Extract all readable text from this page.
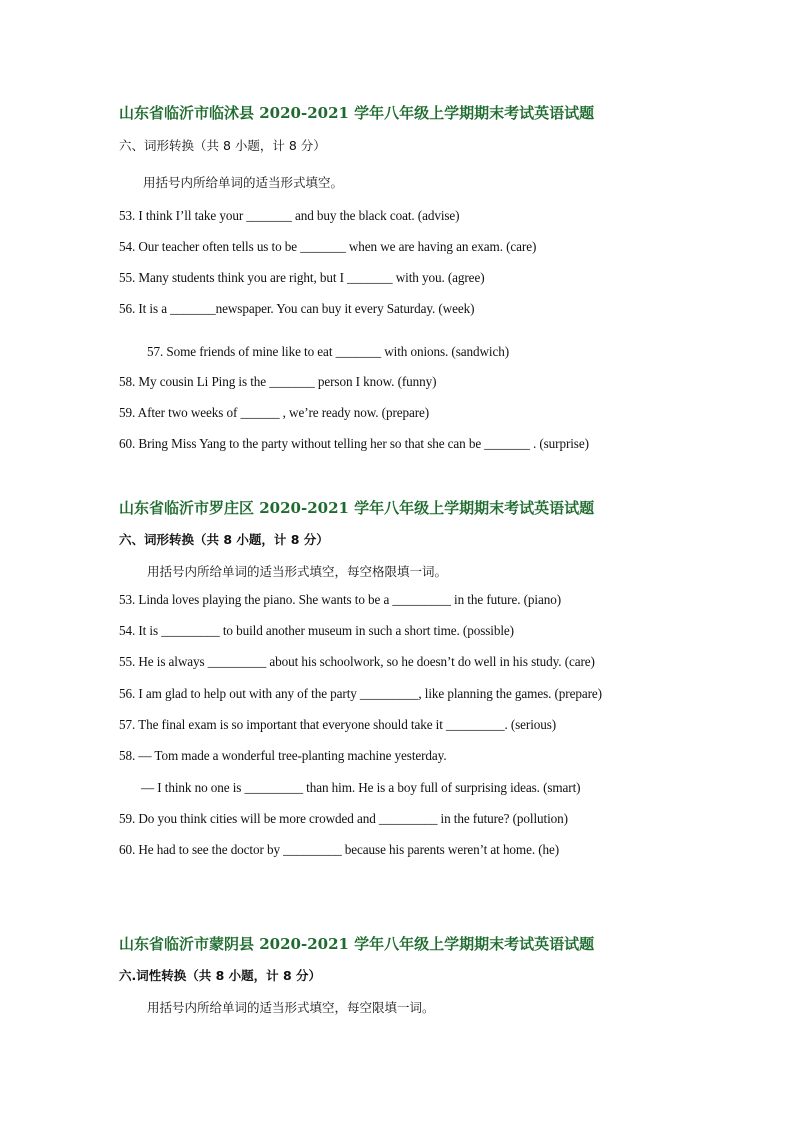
山东省临沂市临沭县 2020-2021 学年八年级上学期期末考试英语试题
六、词形转换（共 8 小题，计 8 分）
用括号内所给单词的适当形式填空。
53. I think I’ll take your _______ and buy the black coat. (advise)
54. Our teacher often tells us to be _______ when we are having an exam. (care)
55. Many students think you are right, but I _______ with you. (agree)
56. It is a _______newspaper. You can buy it every Saturday. (week)
57. Some friends of mine like to eat _______ with onions. (sandwich)
58. My cousin Li Ping is the _______ person I know. (funny)
59. After two weeks of ______ , we’re ready now. (prepare)
60. Bring Miss Yang to the party without telling her so that she can be _______ . (surprise)
山东省临沂市罗庄区 2020-2021 学年八年级上学期期末考试英语试题
六、词形转换（共 8 小题，计 8 分）
用括号内所给单词的适当形式填空，每空格限填一词。
53. Linda loves playing the piano. She wants to be a _________ in the future. (piano)
54. It is _________ to build another museum in such a short time. (possible)
55. He is always _________ about his schoolwork, so he doesn’t do well in his study. (care)
56. I am glad to help out with any of the party _________, like planning the games. (prepare)
57. The final exam is so important that everyone should take it _________. (serious)
58. — Tom made a wonderful tree-planting machine yesterday.
— I think no one is _________ than him. He is a boy full of surprising ideas. (smart)
59. Do you think cities will be more crowded and _________ in the future? (pollution)
60. He had to see the doctor by _________ because his parents weren’t at home. (he)
山东省临沂市蒙阴县 2020-2021 学年八年级上学期期末考试英语试题
六.词性转换（共 8 小题，计 8 分）
用括号内所给单词的适当形式填空，每空限填一词。
